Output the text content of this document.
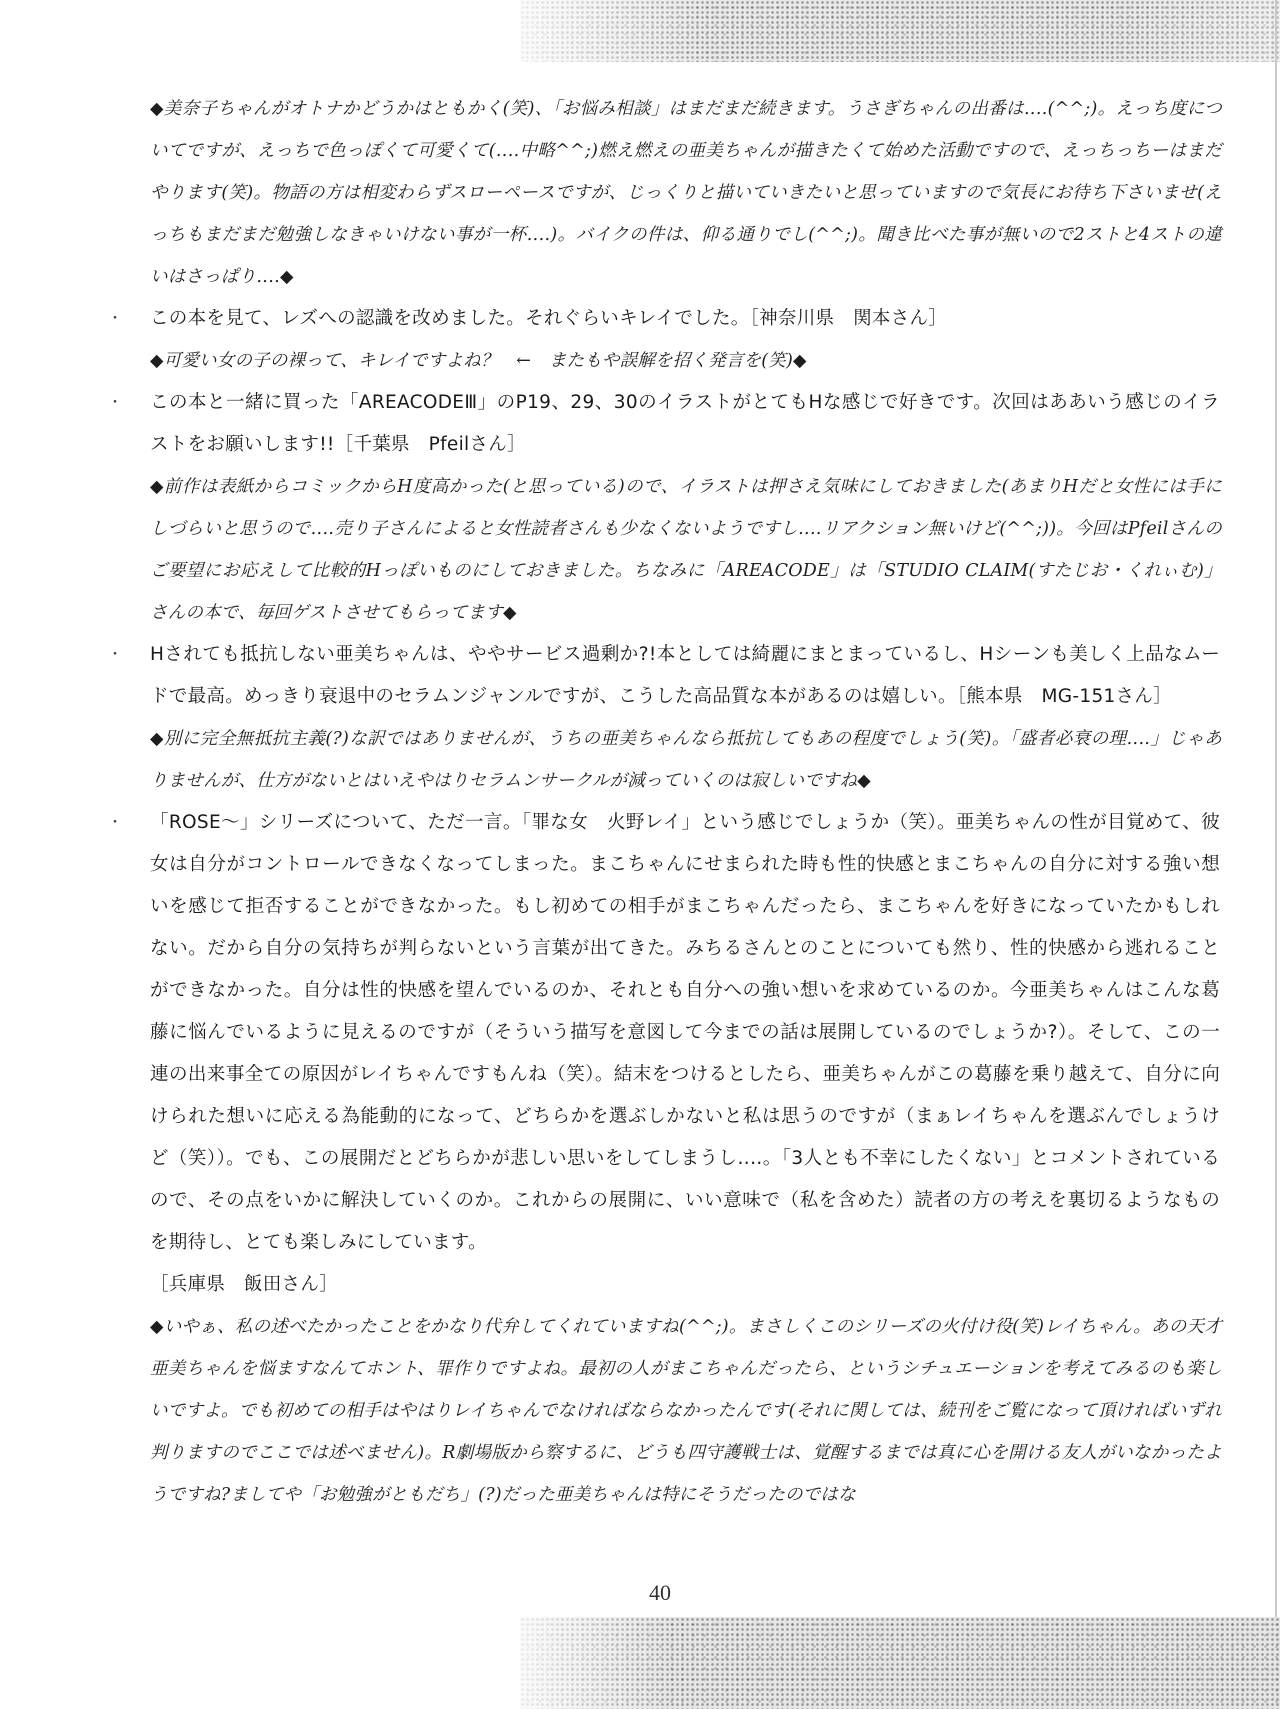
◆美奈子ちゃんがオトナかどうかはともかく(笑)、「お悩み相談」はまだまだ続きます。うさぎちゃんの出番は‥‥(^^;)。えっち度についてですが、えっちで色っぽくて可愛くて(‥‥中略^^;)燃え燃えの亜美ちゃんが描きたくて始めた活動ですので、えっちっちーはまだやります(笑)。物語の方は相変わらずスローペースですが、じっくりと描いていきたいと思っていますので気長にお待ち下さいませ(えっちもまだまだ勉強しなきゃいけない事が一杯‥‥)。バイクの件は、仰る通りでし(^^;)。聞き比べた事が無いので2ストと4ストの違いはさっぱり‥‥◆
・ この本を見て、レズへの認識を改めました。それぐらいキレイでした。［神奈川県　関本さん］
◆可愛い女の子の裸って、キレイですよね？　←　またもや誤解を招く発言を(笑)◆
・ この本と一緒に買った「AREACODEⅢ」のP19、29、30のイラストがとてもHな感じで好きです。次回はああいう感じのイラストをお願いします!!［千葉県　Pfeilさん］
◆前作は表紙からコミックからH度高かった(と思っている)ので、イラストは押さえ気味にしておきました(あまりHだと女性には手にしづらいと思うので‥‥売り子さんによると女性読者さんも少なくないようですし‥‥リアクション無いけど(^^;))。今回はPfeilさんのご要望にお応えして比較的Hっぽいものにしておきました。ちなみに「AREACODE」は「STUDIO CLAIM(すたじお・くれぃむ)」さんの本で、毎回ゲストさせてもらってます◆
・ Hされても抵抗しない亜美ちゃんは、ややサービス過剰か?!本としては綺麗にまとまっているし、Hシーンも美しく上品なムードで最高。めっきり衰退中のセラムンジャンルですが、こうした高品質な本があるのは嬉しい。［熊本県　MG-151さん］
◆別に完全無抵抗主義(?)な訳ではありませんが、うちの亜美ちゃんなら抵抗してもあの程度でしょう(笑)。「盛者必衰の理‥‥」じゃありませんが、仕方がないとはいえやはりセラムンサークルが減っていくのは寂しいですね◆
・ 「ROSE～」シリーズについて、ただ一言。「罪な女　火野レイ」という感じでしょうか（笑）。亜美ちゃんの性が目覚めて、彼女は自分がコントロールできなくなってしまった。まこちゃんにせまられた時も性的快感とまこちゃんの自分に対する強い想いを感じて拒否することができなかった。もし初めての相手がまこちゃんだったら、まこちゃんを好きになっていたかもしれない。だから自分の気持ちが判らないという言葉が出てきた。みちるさんとのことについても然り、性的快感から逃れることができなかった。自分は性的快感を望んでいるのか、それとも自分への強い想いを求めているのか。今亜美ちゃんはこんな葛藤に悩んでいるように見えるのですが（そういう描写を意図して今までの話は展開しているのでしょうか?）。そして、この一連の出来事全ての原因がレイちゃんですもんね（笑）。結末をつけるとしたら、亜美ちゃんがこの葛藤を乗り越えて、自分に向けられた想いに応える為能動的になって、どちらかを選ぶしかないと私は思うのですが（まぁレイちゃんを選ぶんでしょうけど（笑））。でも、この展開だとどちらかが悲しい思いをしてしまうし‥‥。「3人とも不幸にしたくない」とコメントされているので、その点をいかに解決していくのか。これからの展開に、いい意味で（私を含めた）読者の方の考えを裏切るようなものを期待し、とても楽しみにしています。
［兵庫県　飯田さん］
◆いやぁ、私の述べたかったことをかなり代弁してくれていますね(^^;)。まさしくこのシリーズの火付け役(笑)レイちゃん。あの天才亜美ちゃんを悩ますなんてホント、罪作りですよね。最初の人がまこちゃんだったら、というシチュエーションを考えてみるのも楽しいですよ。でも初めての相手はやはりレイちゃんでなければならなかったんです(それに関しては、続刊をご覧になって頂ければいずれ判りますのでここでは述べません)。R劇場版から察するに、どうも四守護戦士は、覚醒するまでは真に心を開ける友人がいなかったようですね?ましてや「お勉強がともだち」(?)だった亜美ちゃんは特にそうだったのではな
40
